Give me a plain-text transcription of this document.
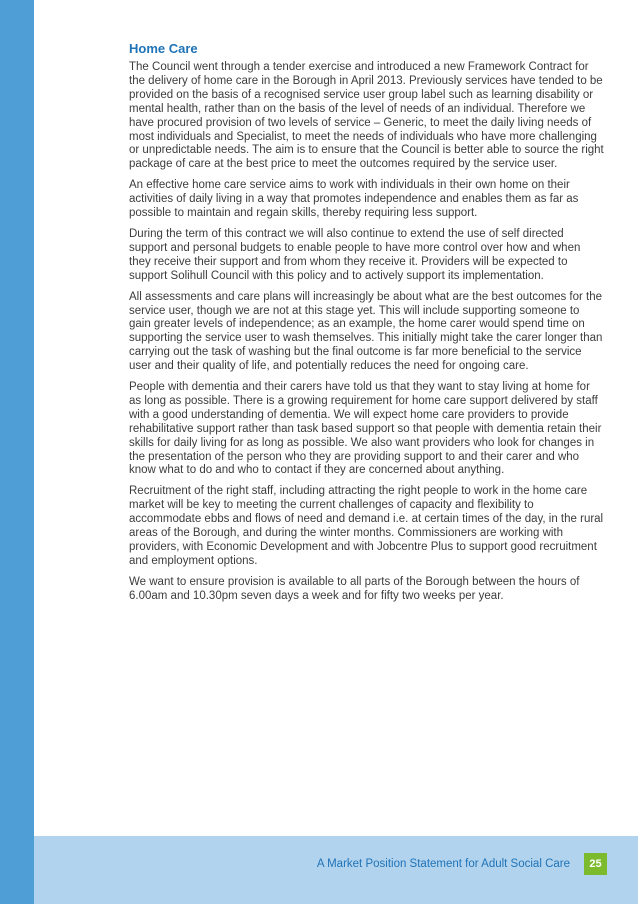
Home Care

The Council went through a tender exercise and introduced a new Framework Contract for the delivery of home care in the Borough in April 2013. Previously services have tended to be provided on the basis of a recognised service user group label such as learning disability or mental health, rather than on the basis of the level of needs of an individual. Therefore we have procured provision of two levels of service – Generic, to meet the daily living needs of most individuals and Specialist, to meet the needs of individuals who have more challenging or unpredictable needs. The aim is to ensure that the Council is better able to source the right package of care at the best price to meet the outcomes required by the service user.

An effective home care service aims to work with individuals in their own home on their activities of daily living in a way that promotes independence and enables them as far as possible to maintain and regain skills, thereby requiring less support.

During the term of this contract we will also continue to extend the use of self directed support and personal budgets to enable people to have more control over how and when they receive their support and from whom they receive it. Providers will be expected to support Solihull Council with this policy and to actively support its implementation.

All assessments and care plans will increasingly be about what are the best outcomes for the service user, though we are not at this stage yet. This will include supporting someone to gain greater levels of independence; as an example, the home carer would spend time on supporting the service user to wash themselves. This initially might take the carer longer than carrying out the task of washing but the final outcome is far more beneficial to the service user and their quality of life, and potentially reduces the need for ongoing care.

People with dementia and their carers have told us that they want to stay living at home for as long as possible. There is a growing requirement for home care support delivered by staff with a good understanding of dementia. We will expect home care providers to provide rehabilitative support rather than task based support so that people with dementia retain their skills for daily living for as long as possible. We also want providers who look for changes in the presentation of the person who they are providing support to and their carer and who know what to do and who to contact if they are concerned about anything.

Recruitment of the right staff, including attracting the right people to work in the home care market will be key to meeting the current challenges of capacity and flexibility to accommodate ebbs and flows of need and demand i.e. at certain times of the day, in the rural areas of the Borough, and during the winter months. Commissioners are working with providers, with Economic Development and with Jobcentre Plus to support good recruitment and employment options.

We want to ensure provision is available to all parts of the Borough between the hours of 6.00am and 10.30pm seven days a week and for fifty two weeks per year.

A Market Position Statement for Adult Social Care	25
